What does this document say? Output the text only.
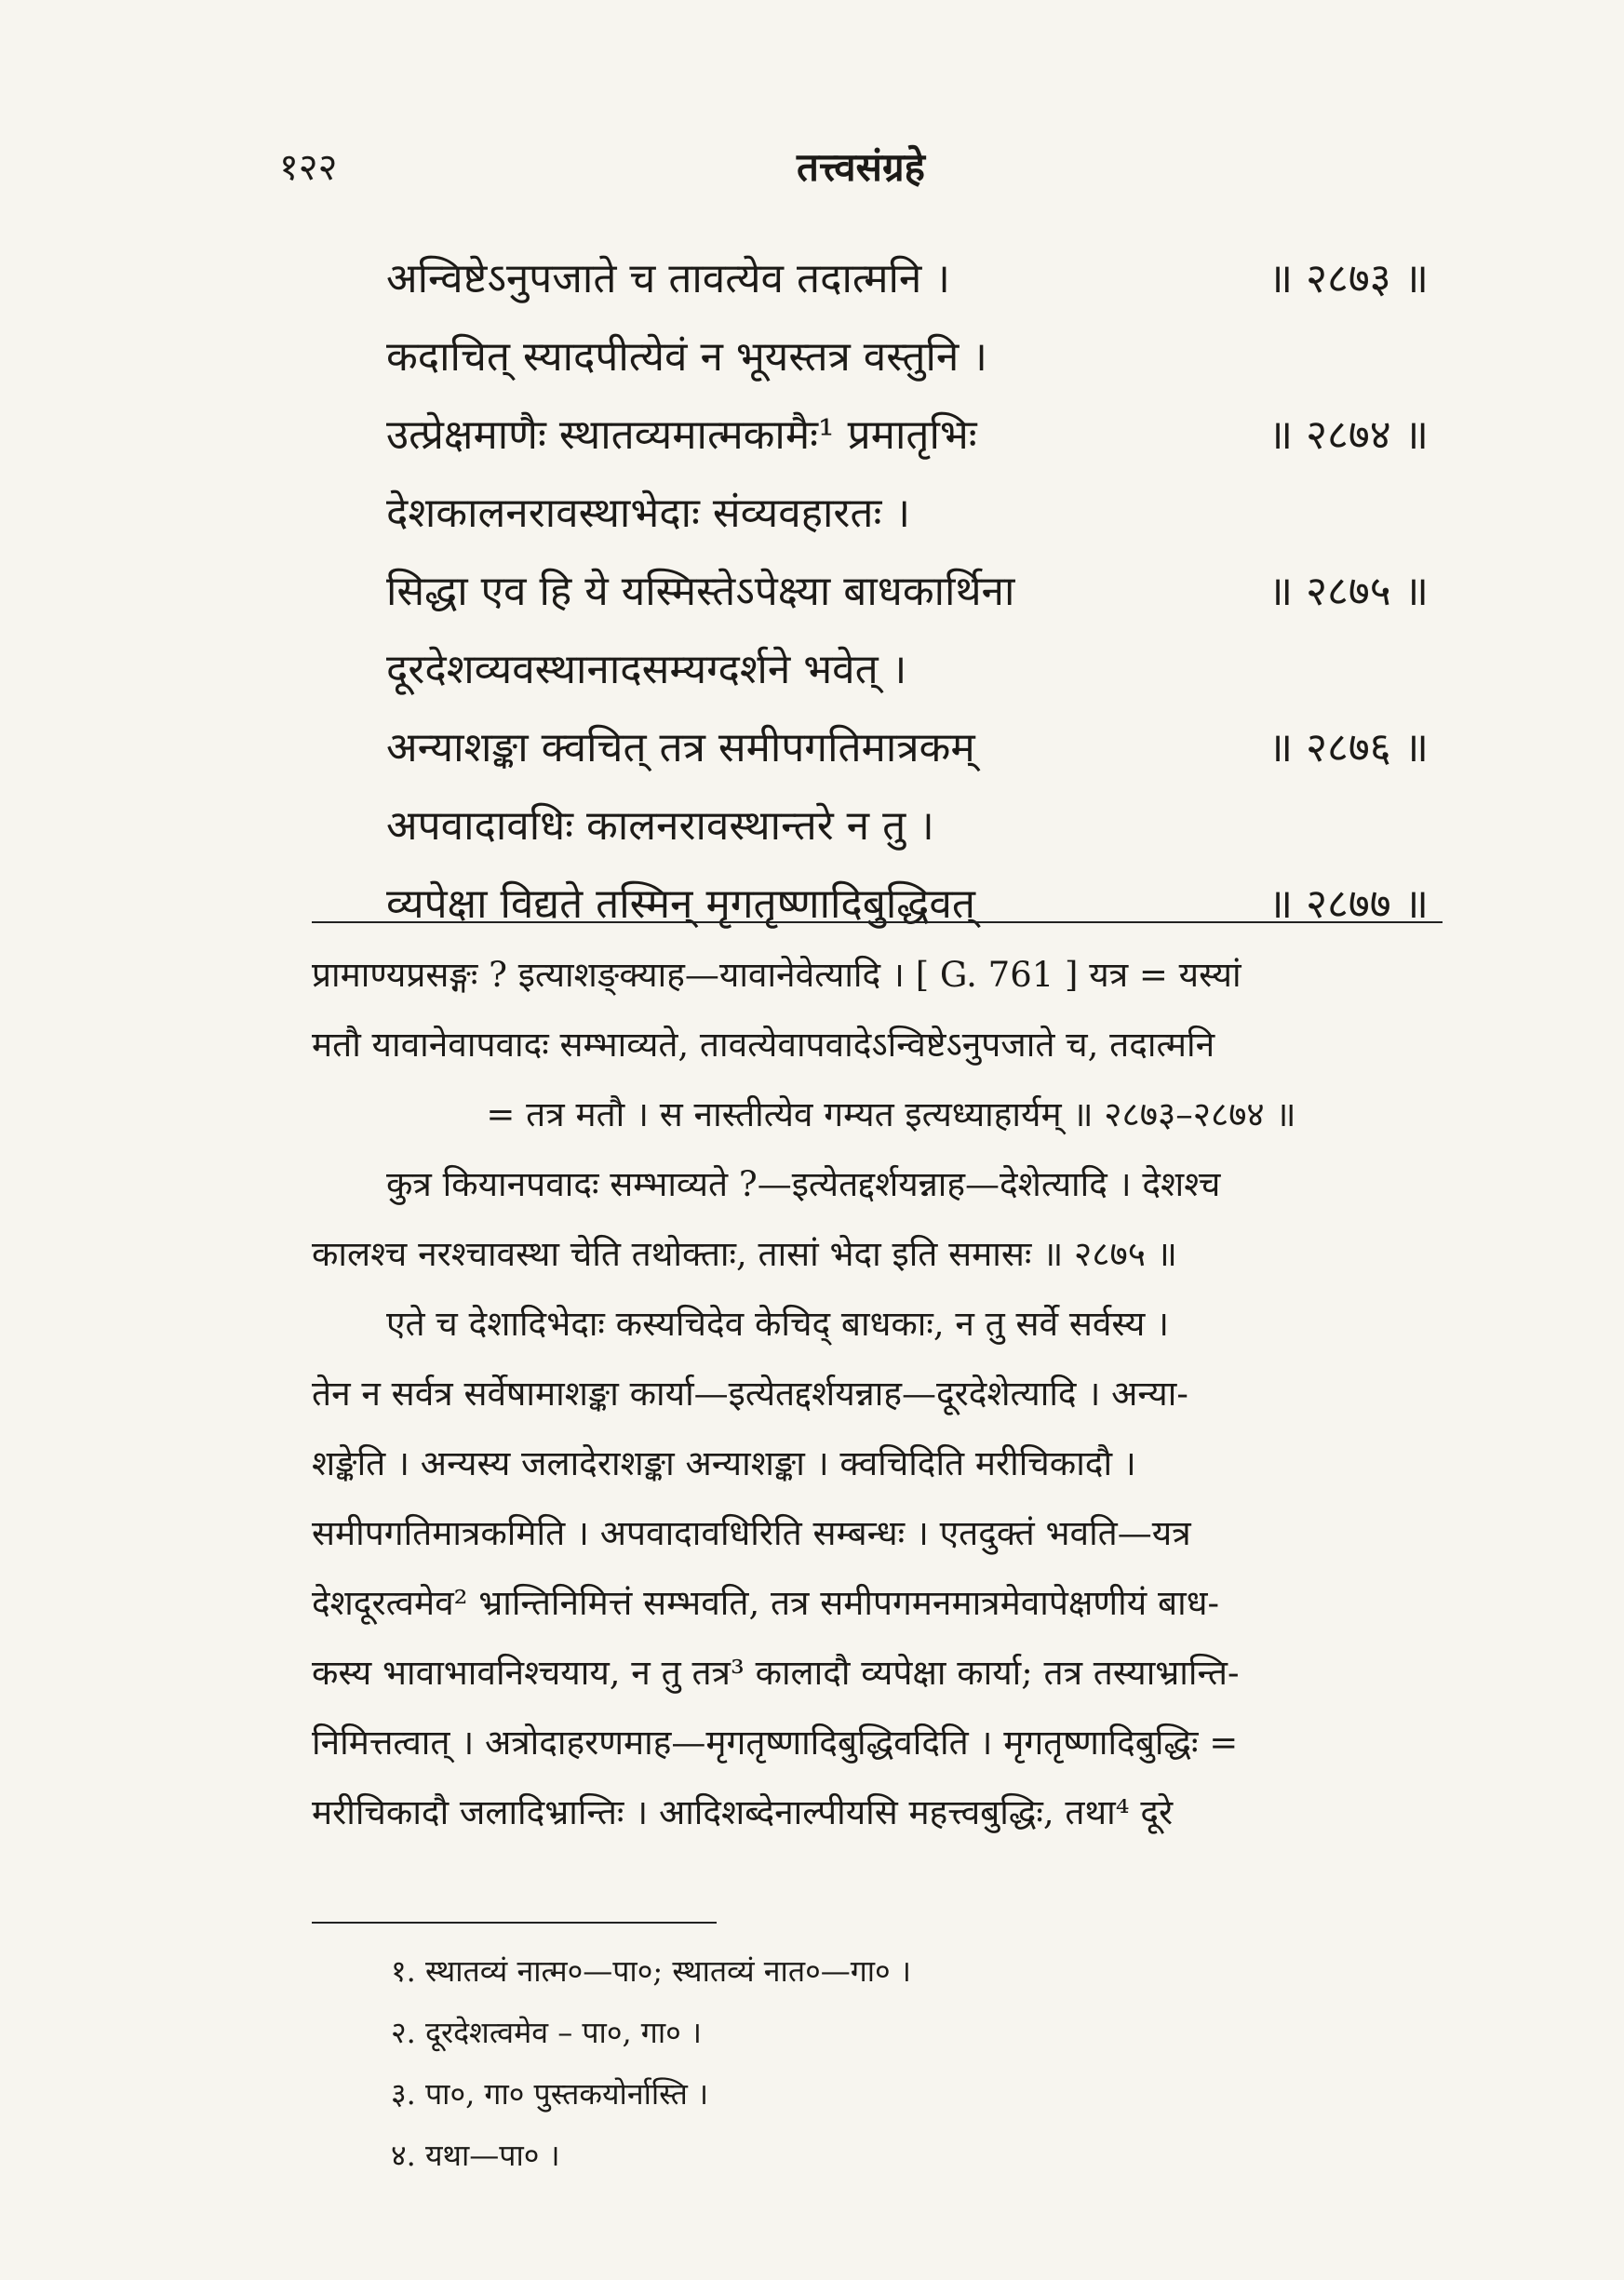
१२२	तत्त्वसंग्रहे
अन्विष्टेऽनुपजाते च तावत्येव तदात्मनि ।	॥ २८७३ ॥
कदाचित् स्यादपीत्येवं न भूयस्तत्र वस्तुनि ।
उत्प्रेक्षमाणैः स्थातव्यमात्मकामैः¹ प्रमातृभिः	॥ २८७४ ॥
देशकालनरावस्थाभेदाः संव्यवहारतः ।
सिद्धा एव हि ये यस्मिस्तेऽपेक्ष्या बाधकार्थिना	॥ २८७५ ॥
दूरदेशव्यवस्थानादसम्यग्दर्शने भवेत् ।
अन्याशङ्का क्वचित् तत्र समीपगतिमात्रकम्	॥ २८७६ ॥
अपवादावधिः कालनरावस्थान्तरे न तु ।
व्यपेक्षा विद्यते तस्मिन् मृगतृष्णादिबुद्धिवत्	॥ २८७७ ॥
प्रामाण्यप्रसङ्गः ? इत्याशङ्क्याह—यावानेवेत्यादि । [ G. 761 ] यत्र = यस्यां
मतौ यावानेवापवादः सम्भाव्यते, तावत्येवापवादेऽन्विष्टेऽनुपजाते च, तदात्मनि
= तत्र मतौ । स नास्तीत्येव गम्यत इत्यध्याहार्यम् ॥ २८७३–२८७४ ॥
कुत्र कियानपवादः सम्भाव्यते ?—इत्येतद्दर्शयन्नाह—देशेत्यादि । देशश्च
कालश्च नरश्चावस्था चेति तथोक्ताः, तासां भेदा इति समासः ॥ २८७५ ॥
एते च देशादिभेदाः कस्यचिदेव केचिद् बाधकाः, न तु सर्वे सर्वस्य ।
तेन न सर्वत्र सर्वेषामाशङ्का कार्या—इत्येतद्दर्शयन्नाह—दूरदेशेत्यादि । अन्या-
शङ्केति । अन्यस्य जलादेराशङ्का अन्याशङ्का । क्वचिदिति मरीचिकादौ ।
समीपगतिमात्रकमिति । अपवादावधिरिति सम्बन्धः । एतदुक्तं भवति—यत्र
देशदूरत्वमेव² भ्रान्तिनिमित्तं सम्भवति, तत्र समीपगमनमात्रमेवापेक्षणीयं बाध-
कस्य भावाभावनिश्चयाय, न तु तत्र³ कालादौ व्यपेक्षा कार्या; तत्र तस्याभ्रान्ति-
निमित्तत्वात् । अत्रोदाहरणमाह—मृगतृष्णादिबुद्धिवदिति । मृगतृष्णादिबुद्धिः =
मरीचिकादौ जलादिभ्रान्तिः । आदिशब्देनाल्पीयसि महत्त्वबुद्धिः, तथा⁴ दूरे
१. स्थातव्यं नात्म०—पा०; स्थातव्यं नात०—गा० ।
२. दूरदेशत्वमेव – पा०, गा० ।
३. पा०, गा० पुस्तकयोर्नास्ति ।
४. यथा—पा० ।
